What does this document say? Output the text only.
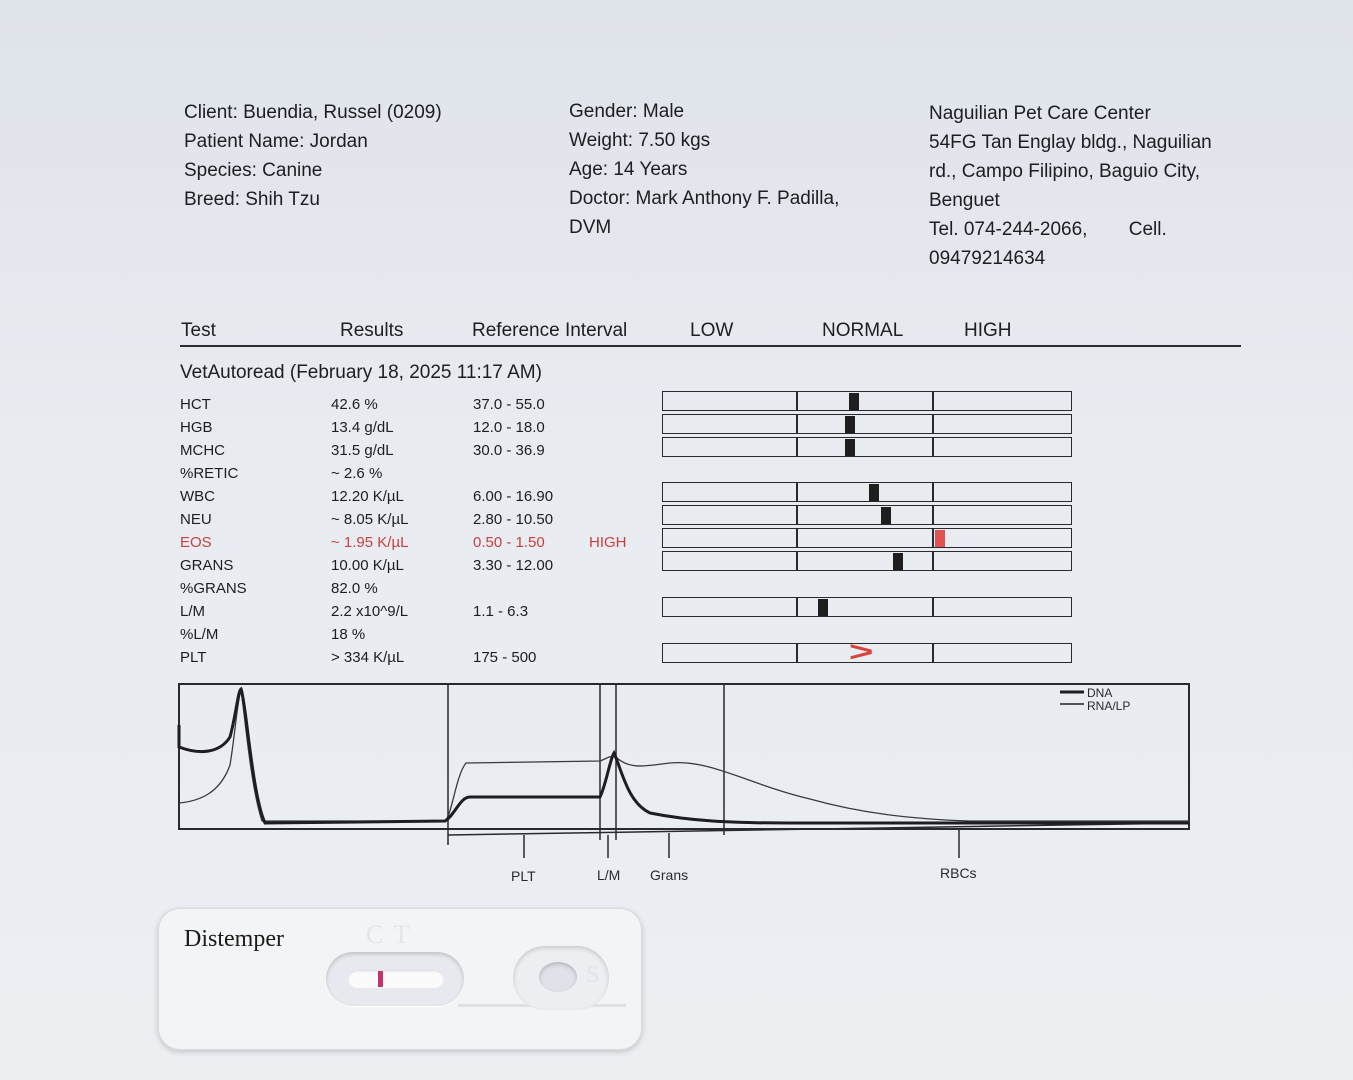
Client: Buendia, Russel (0209)
Patient Name: Jordan
Species: Canine
Breed: Shih Tzu
Gender: Male
Weight: 7.50 kgs
Age: 14 Years
Doctor: Mark Anthony F. Padilla,
DVM
Naguilian Pet Care Center
54FG Tan Englay bldg., Naguilian
rd., Campo Filipino, Baguio City,
Benguet
Tel. 074-244-2066, Cell.
09479214634
Test	Results	Reference Interval	LOW	NORMAL	HIGH
VetAutoread (February 18, 2025 11:17 AM)
HCT	42.6 %	37.0 - 55.0
HGB	13.4 g/dL	12.0 - 18.0
MCHC	31.5 g/dL	30.0 - 36.9
%RETIC	~ 2.6 %
WBC	12.20 K/µL	6.00 - 16.90
NEU	~ 8.05 K/µL	2.80 - 10.50
EOS	~ 1.95 K/µL	0.50 - 1.50	HIGH
GRANS	10.00 K/µL	3.30 - 12.00
%GRANS	82.0 %
L/M	2.2 x10^9/L	1.1 - 6.3
%L/M	18 %
PLT	> 334 K/µL	175 - 500	>
DNA
RNA/LP
PLT	L/M Grans	RBCs
Distemper	C T
S
